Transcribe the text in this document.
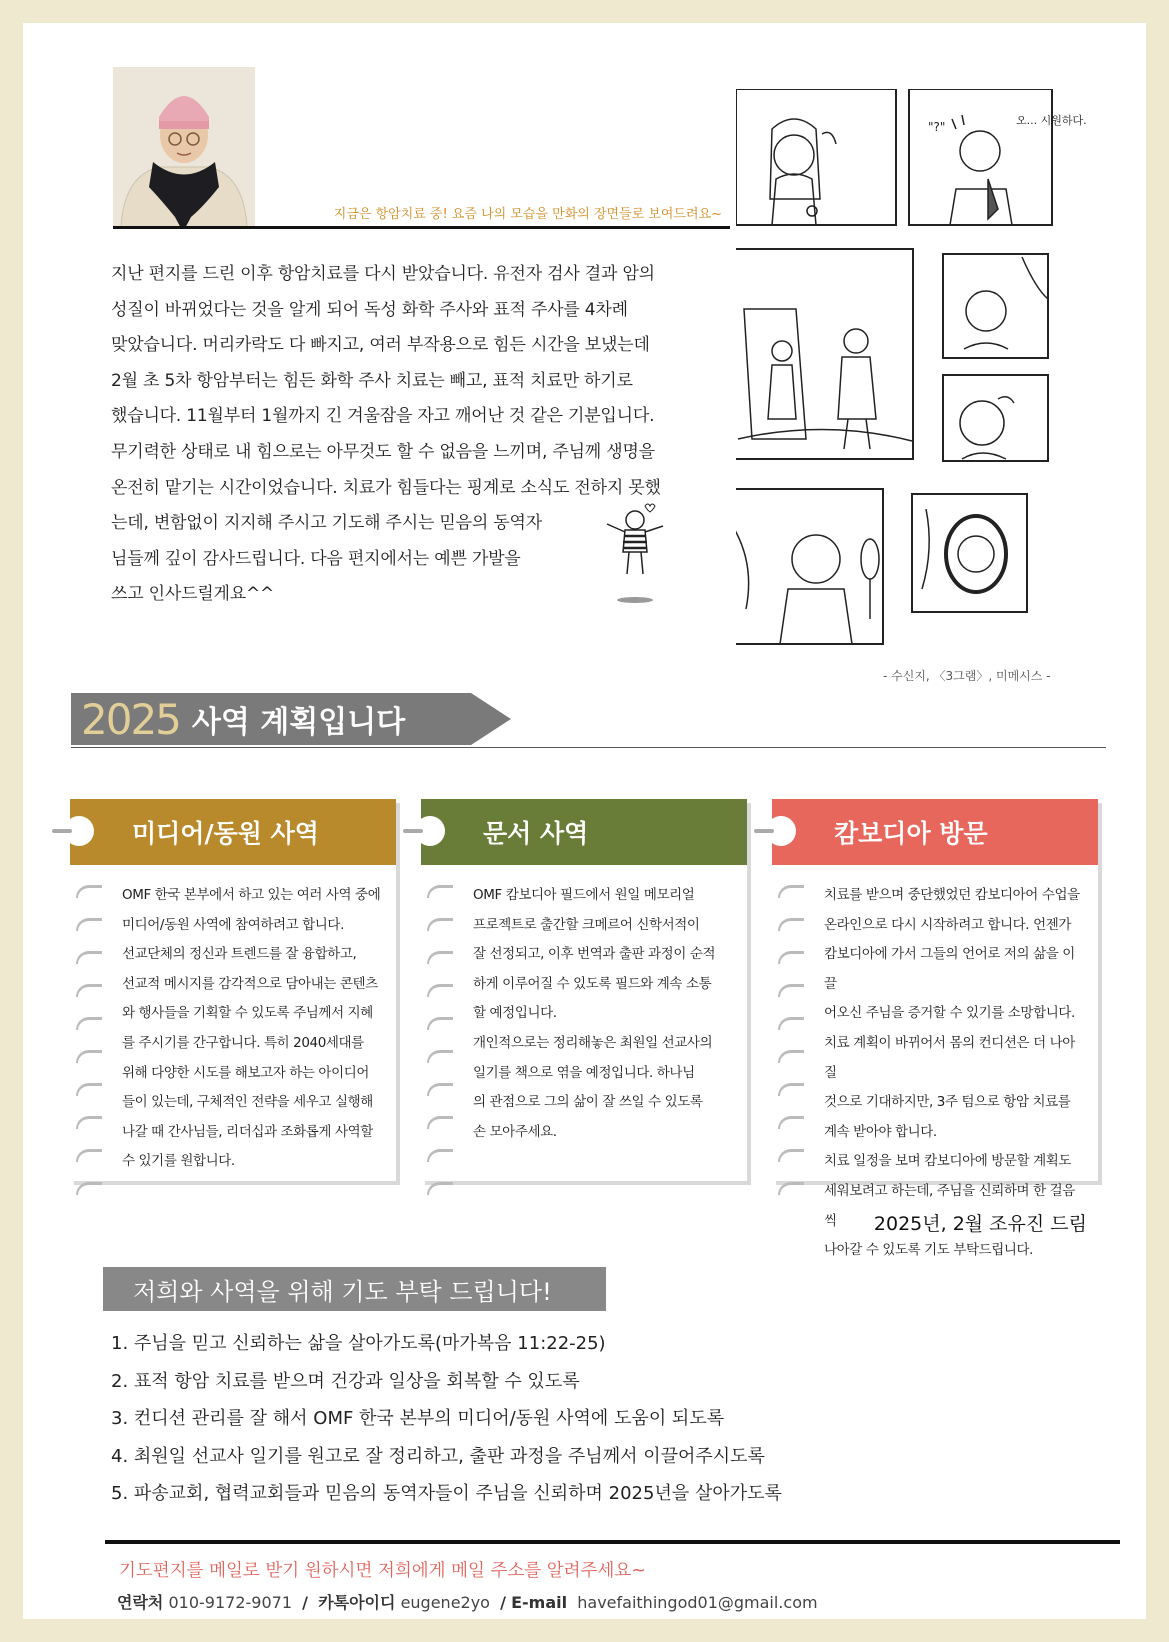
지금은 항암치료 중! 요즘 나의 모습을 만화의 장면들로 보여드려요~
지난 편지를 드린 이후 항암치료를 다시 받았습니다. 유전자 검사 결과 암의
성질이 바뀌었다는 것을 알게 되어 독성 화학 주사와 표적 주사를 4차례
맞았습니다. 머리카락도 다 빠지고, 여러 부작용으로 힘든 시간을 보냈는데
2월 초 5차 항암부터는 힘든 화학 주사 치료는 빼고, 표적 치료만 하기로
했습니다. 11월부터 1월까지 긴 겨울잠을 자고 깨어난 것 같은 기분입니다.
무기력한 상태로 내 힘으로는 아무것도 할 수 없음을 느끼며, 주님께 생명을
온전히 맡기는 시간이었습니다. 치료가 힘들다는 핑계로 소식도 전하지 못했
는데, 변함없이 지지해 주시고 기도해 주시는 믿음의 동역자
님들께 깊이 감사드립니다. 다음 편지에서는 예쁜 가발을
쓰고 인사드릴게요^^
오... 시원하다.
"?"
- 수신지, 〈3그램〉, 미메시스 -
2025 사역 계획입니다
미디어/동원 사역
OMF 한국 본부에서 하고 있는 여러 사역 중에
미디어/동원 사역에 참여하려고 합니다.
선교단체의 정신과 트렌드를 잘 융합하고,
선교적 메시지를 감각적으로 담아내는 콘텐츠
와 행사들을 기획할 수 있도록 주님께서 지혜
를 주시기를 간구합니다. 특히 2040세대를
위해 다양한 시도를 해보고자 하는 아이디어
들이 있는데, 구체적인 전략을 세우고 실행해
나갈 때 간사님들, 리더십과 조화롭게 사역할
수 있기를 원합니다.
문서 사역
OMF 캄보디아 필드에서 원일 메모리얼
프로젝트로 출간할 크메르어 신학서적이
잘 선정되고, 이후 번역과 출판 과정이 순적
하게 이루어질 수 있도록 필드와 계속 소통
할 예정입니다.
개인적으로는 정리해놓은 최원일 선교사의
일기를 책으로 엮을 예정입니다. 하나님
의 관점으로 그의 삶이 잘 쓰일 수 있도록
손 모아주세요.
캄보디아 방문
치료를 받으며 중단했었던 캄보디아어 수업을
온라인으로 다시 시작하려고 합니다. 언젠가
캄보디아에 가서 그들의 언어로 저의 삶을 이끌
어오신 주님을 증거할 수 있기를 소망합니다.
치료 계획이 바뀌어서 몸의 컨디션은 더 나아질
것으로 기대하지만, 3주 텀으로 항암 치료를
계속 받아야 합니다.
치료 일정을 보며 캄보디아에 방문할 계획도
세워보려고 하는데, 주님을 신뢰하며 한 걸음씩
나아갈 수 있도록 기도 부탁드립니다.
2025년, 2월 조유진 드림
저희와 사역을 위해 기도 부탁 드립니다!
1. 주님을 믿고 신뢰하는 삶을 살아가도록(마가복음 11:22-25)
2. 표적 항암 치료를 받으며 건강과 일상을 회복할 수 있도록
3. 컨디션 관리를 잘 해서 OMF 한국 본부의 미디어/동원 사역에 도움이 되도록
4. 최원일 선교사 일기를 원고로 잘 정리하고, 출판 과정을 주님께서 이끌어주시도록
5. 파송교회, 협력교회들과 믿음의 동역자들이 주님을 신뢰하며 2025년을 살아가도록
기도편지를 메일로 받기 원하시면 저희에게 메일 주소를 알려주세요~
연락처 010-9172-9071 / 카톡아이디 eugene2yo / E-mail havefaithingod01@gmail.com
